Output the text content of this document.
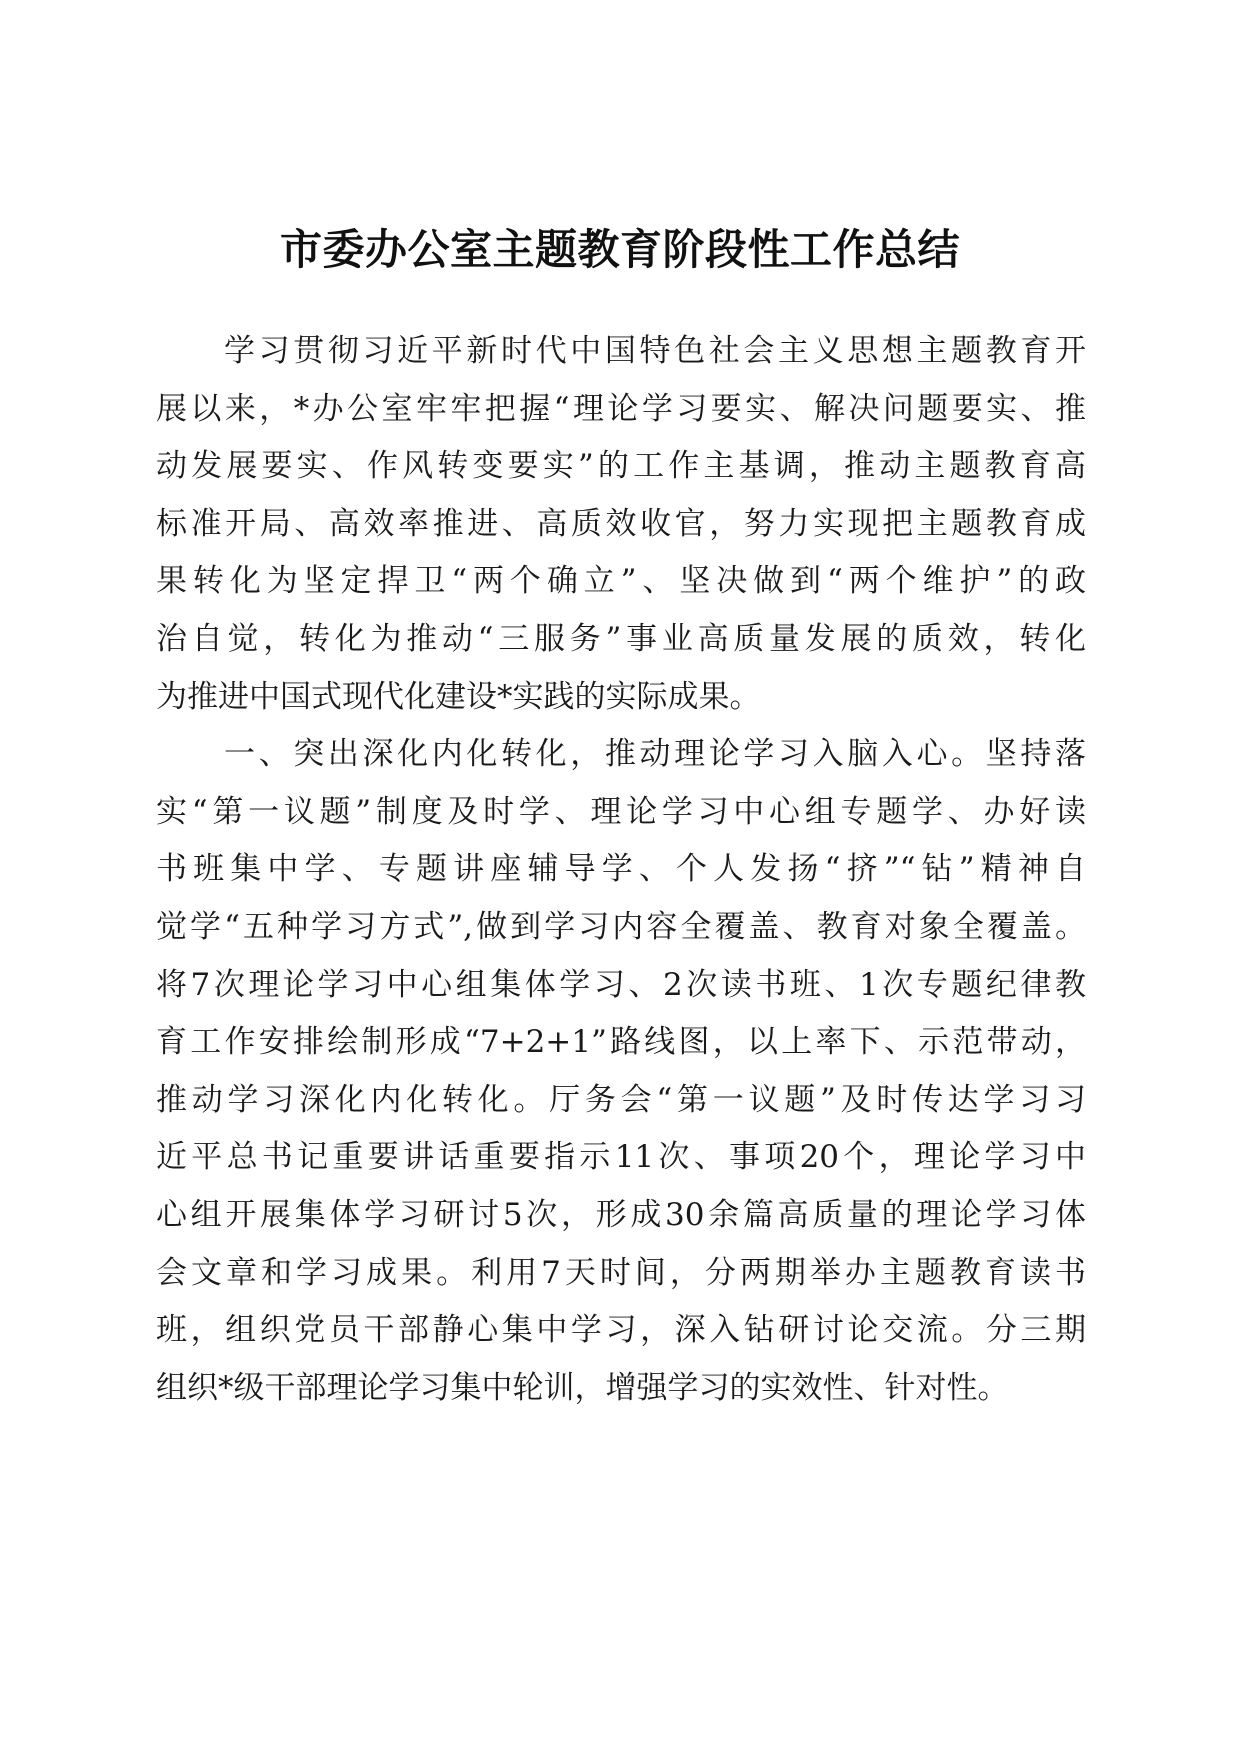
市委办公室主题教育阶段性工作总结
学习贯彻习近平新时代中国特色社会主义思想主题教育开
展以来，*办公室牢牢把握“理论学习要实、解决问题要实、推
动发展要实、作风转变要实”的工作主基调，推动主题教育高
标准开局、高效率推进、高质效收官，努力实现把主题教育成
果转化为坚定捍卫“两个确立”、坚决做到“两个维护”的政
治自觉，转化为推动“三服务”事业高质量发展的质效，转化
为推进中国式现代化建设*实践的实际成果。
一、突出深化内化转化，推动理论学习入脑入心。坚持落
实“第一议题”制度及时学、理论学习中心组专题学、办好读
书班集中学、专题讲座辅导学、个人发扬“挤”“钻”精神自
觉学“五种学习方式”,做到学习内容全覆盖、教育对象全覆盖。
将7次理论学习中心组集体学习、2次读书班、1次专题纪律教
育工作安排绘制形成“7+2+1”路线图，以上率下、示范带动，
推动学习深化内化转化。厅务会“第一议题”及时传达学习习
近平总书记重要讲话重要指示11次、事项20个，理论学习中
心组开展集体学习研讨5次，形成30余篇高质量的理论学习体
会文章和学习成果。利用7天时间，分两期举办主题教育读书
班，组织党员干部静心集中学习，深入钻研讨论交流。分三期
组织*级干部理论学习集中轮训，增强学习的实效性、针对性。
